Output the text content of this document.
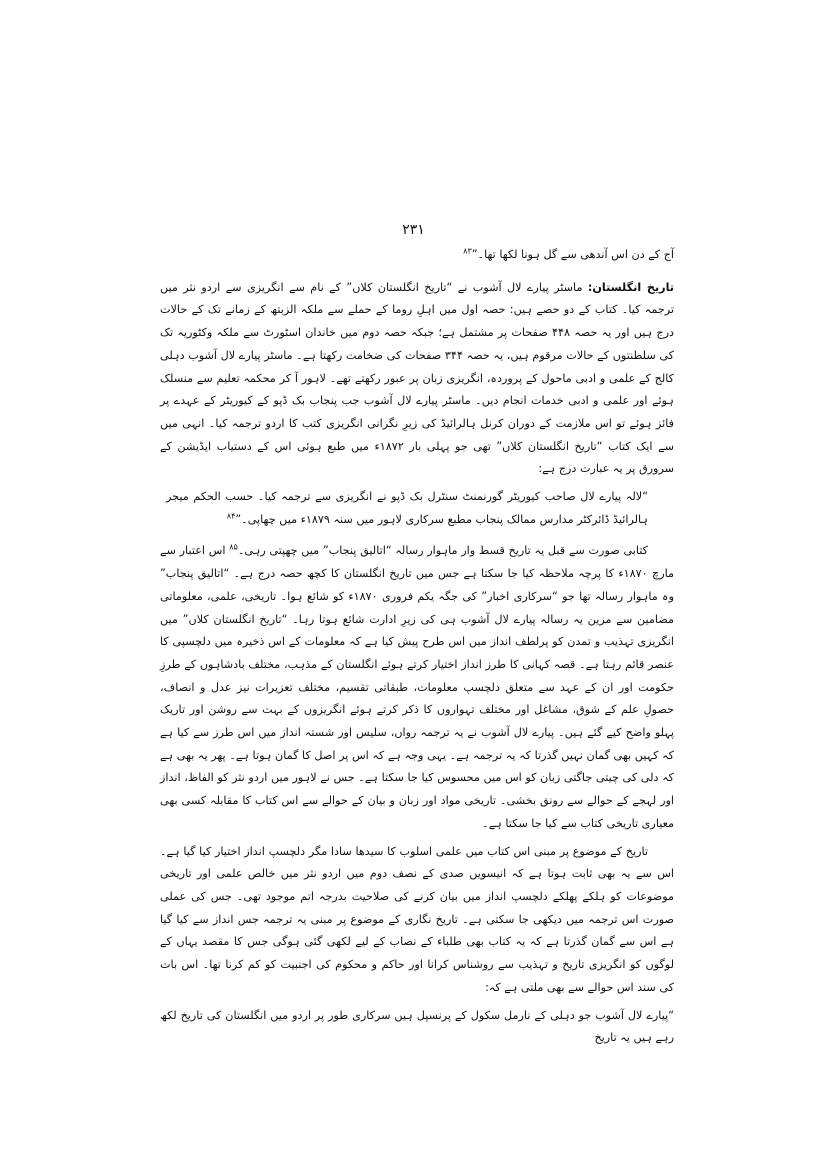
۲۳۱

آج کے دن اس آندھی سے گل ہونا لکھا تھا۔”$^{۸۳}$

تاریخ انگلستان: ماسٹر پیارے لال آشوب نے “تاریخ انگلستان کلاں” کے نام سے انگریزی سے اردو نثر میں ترجمہ کیا۔ کتاب کے دو حصے ہیں: حصہ اول میں اہلِ روما کے حملے سے ملکہ الزبتھ کے زمانے تک کے حالات درج ہیں اور یہ حصہ ۴۴۸ صفحات پر مشتمل ہے؛ جبکہ حصہ دوم میں خاندان اسٹورٹ سے ملکہ وکٹوریہ تک کی سلطنتوں کے حالات مرقوم ہیں، یہ حصہ ۳۴۴ صفحات کی ضخامت رکھتا ہے۔ ماسٹر پیارے لال آشوب دہلی کالج کے علمی و ادبی ماحول کے پروردہ، انگریزی زبان پر عبور رکھتے تھے۔ لاہور آ کر محکمہ تعلیم سے منسلک ہوئے اور علمی و ادبی خدمات انجام دیں۔ ماسٹر پیارے لال آشوب جب پنجاب بک ڈپو کے کیوریٹر کے عہدے پر فائز ہوئے تو اس ملازمت کے دوران کرنل ہالرائیڈ کی زیرِ نگرانی انگریزی کتب کا اردو ترجمہ کیا۔ انہی میں سے ایک کتاب “تاریخ انگلستان کلاں” تھی جو پہلی بار ۱۸۷۲ء میں طبع ہوئی اس کے دستیاب ایڈیشن کے سرورق پر یہ عبارت درج ہے:

“لالہ پیارے لال صاحب کیوریٹر گورنمنٹ سنٹرل بک ڈپو نے انگریزی سے ترجمہ کیا۔ حسب الحکم میجر ہالرائیڈ ڈائرکٹر مدارس ممالک پنجاب مطبع سرکاری لاہور میں سنہ ۱۸۷۹ء میں چھاپی۔”$^{۸۴}$

کتابی صورت سے قبل یہ تاریخ قسط وار ماہوار رسالہ “اتالیق پنجاب” میں چھپتی رہی۔$^{۸۵}$ اس اعتبار سے مارچ ۱۸۷۰ء کا پرچہ ملاحظہ کیا جا سکتا ہے جس میں تاریخ انگلستان کا کچھ حصہ درج ہے۔ “اتالیق پنجاب” وہ ماہوار رسالہ تھا جو “سرکاری اخبار” کی جگہ یکم فروری ۱۸۷۰ء کو شائع ہوا۔ تاریخی، علمی، معلوماتی مضامین سے مزین یہ رسالہ پیارے لال آشوب ہی کی زیرِ ادارت شائع ہوتا رہا۔ “تاریخ انگلستان کلاں” میں انگریزی تہذیب و تمدن کو پرلطف انداز میں اس طرح پیش کیا ہے کہ معلومات کے اس ذخیرہ میں دلچسپی کا عنصر قائم رہتا ہے۔ قصہ کہانی کا طرز انداز اختیار کرتے ہوئے انگلستان کے مذہب، مختلف بادشاہوں کے طرزِ حکومت اور ان کے عہد سے متعلق دلچسپ معلومات، طبقاتی تقسیم، مختلف تعزیرات نیز عدل و انصاف، حصولِ علم کے شوق، مشاغل اور مختلف تہواروں کا ذکر کرتے ہوئے انگریزوں کے بہت سے روشن اور تاریک پہلو واضح کیے گئے ہیں۔ پیارے لال آشوب نے یہ ترجمہ رواں، سلیس اور شستہ انداز میں اس طرز سے کیا ہے کہ کہیں بھی گمان نہیں گذرتا کہ یہ ترجمہ ہے۔ یہی وجہ ہے کہ اس پر اصل کا گمان ہوتا ہے۔ پھر یہ بھی ہے کہ دلی کی چیتی جاگتی زبان کو اس میں محسوس کیا جا سکتا ہے۔ جس نے لاہور میں اردو نثر کو الفاظ، انداز اور لہجے کے حوالے سے رونق بخشی۔ تاریخی مواد اور زبان و بیان کے حوالے سے اس کتاب کا مقابلہ کسی بھی معیاری تاریخی کتاب سے کیا جا سکتا ہے۔

تاریخ کے موضوع پر مبنی اس کتاب میں علمی اسلوب کا سیدھا سادا مگر دلچسپ انداز اختیار کیا گیا ہے۔ اس سے یہ بھی ثابت ہوتا ہے کہ انیسویں صدی کے نصف دوم میں اردو نثر میں خالص علمی اور تاریخی موضوعات کو ہلکے پھلکے دلچسپ انداز میں بیان کرنے کی صلاحیت بدرجہ اتم موجود تھی۔ جس کی عملی صورت اس ترجمہ میں دیکھی جا سکتی ہے۔ تاریخ نگاری کے موضوع پر مبنی یہ ترجمہ جس انداز سے کیا گیا ہے اس سے گمان گذرتا ہے کہ یہ کتاب بھی طلباء کے نصاب کے لیے لکھی گئی ہوگی جس کا مقصد یہاں کے لوگوں کو انگریزی تاریخ و تہذیب سے روشناس کرانا اور حاکم و محکوم کی اجنبیت کو کم کرنا تھا۔ اس بات کی سند اس حوالے سے بھی ملتی ہے کہ:

“پیارے لال آشوب جو دہلی کے نارمل سکول کے پرنسپل ہیں سرکاری طور پر اردو میں انگلستان کی تاریخ لکھ رہے ہیں یہ تاریخ
